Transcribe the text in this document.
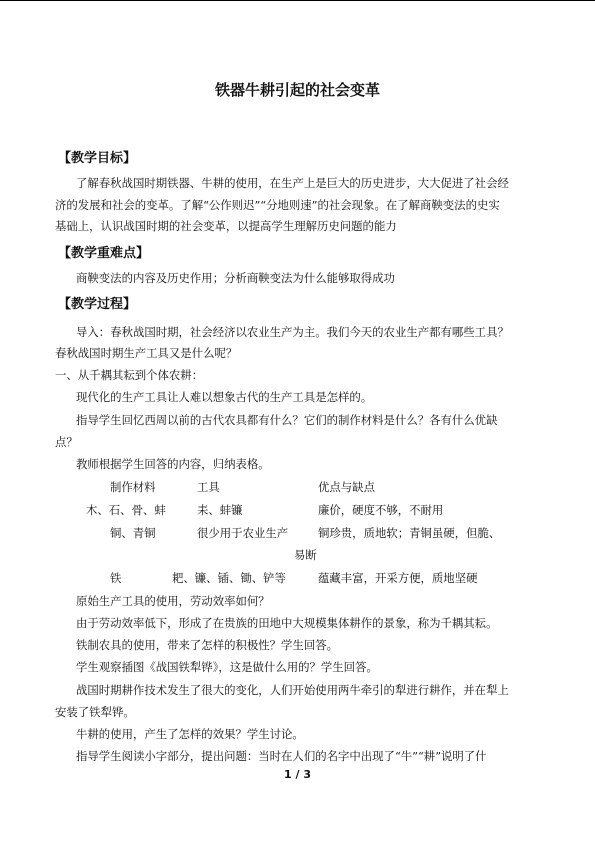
铁器牛耕引起的社会变革
【教学目标】
了解春秋战国时期铁器、牛耕的使用，在生产上是巨大的历史进步，大大促进了社会经
济的发展和社会的变革。了解“公作则迟”“分地则速”的社会现象。在了解商鞅变法的史实
基础上，认识战国时期的社会变革，以提高学生理解历史问题的能力
【教学重难点】
商鞅变法的内容及历史作用；分析商鞅变法为什么能够取得成功
【教学过程】
导入：春秋战国时期，社会经济以农业生产为主。我们今天的农业生产都有哪些工具？
春秋战国时期生产工具又是什么呢？
一、从千耦其耘到个体农耕：
现代化的生产工具让人难以想象古代的生产工具是怎样的。
指导学生回忆西周以前的古代农具都有什么？它们的制作材料是什么？各有什么优缺
点？
教师根据学生回答的内容，归纳表格。
制作材料	工具	优点与缺点
木、石、骨、蚌	耒、蚌镰	廉价，硬度不够，不耐用
铜、青铜	很少用于农业生产	铜珍贵，质地软；青铜虽硬，但脆、
易断
铁	耙、镰、锸、锄、铲等	蕴藏丰富，开采方便，质地坚硬
原始生产工具的使用，劳动效率如何？
由于劳动效率低下，形成了在贵族的田地中大规模集体耕作的景象，称为千耦其耘。
铁制农具的使用，带来了怎样的积极性？学生回答。
学生观察插图《战国铁犁铧》，这是做什么用的？学生回答。
战国时期耕作技术发生了很大的变化，人们开始使用两牛牵引的犁进行耕作，并在犁上
安装了铁犁铧。
牛耕的使用，产生了怎样的效果？学生讨论。
指导学生阅读小字部分，提出问题：当时在人们的名字中出现了“牛”“耕”说明了什
1 / 3
